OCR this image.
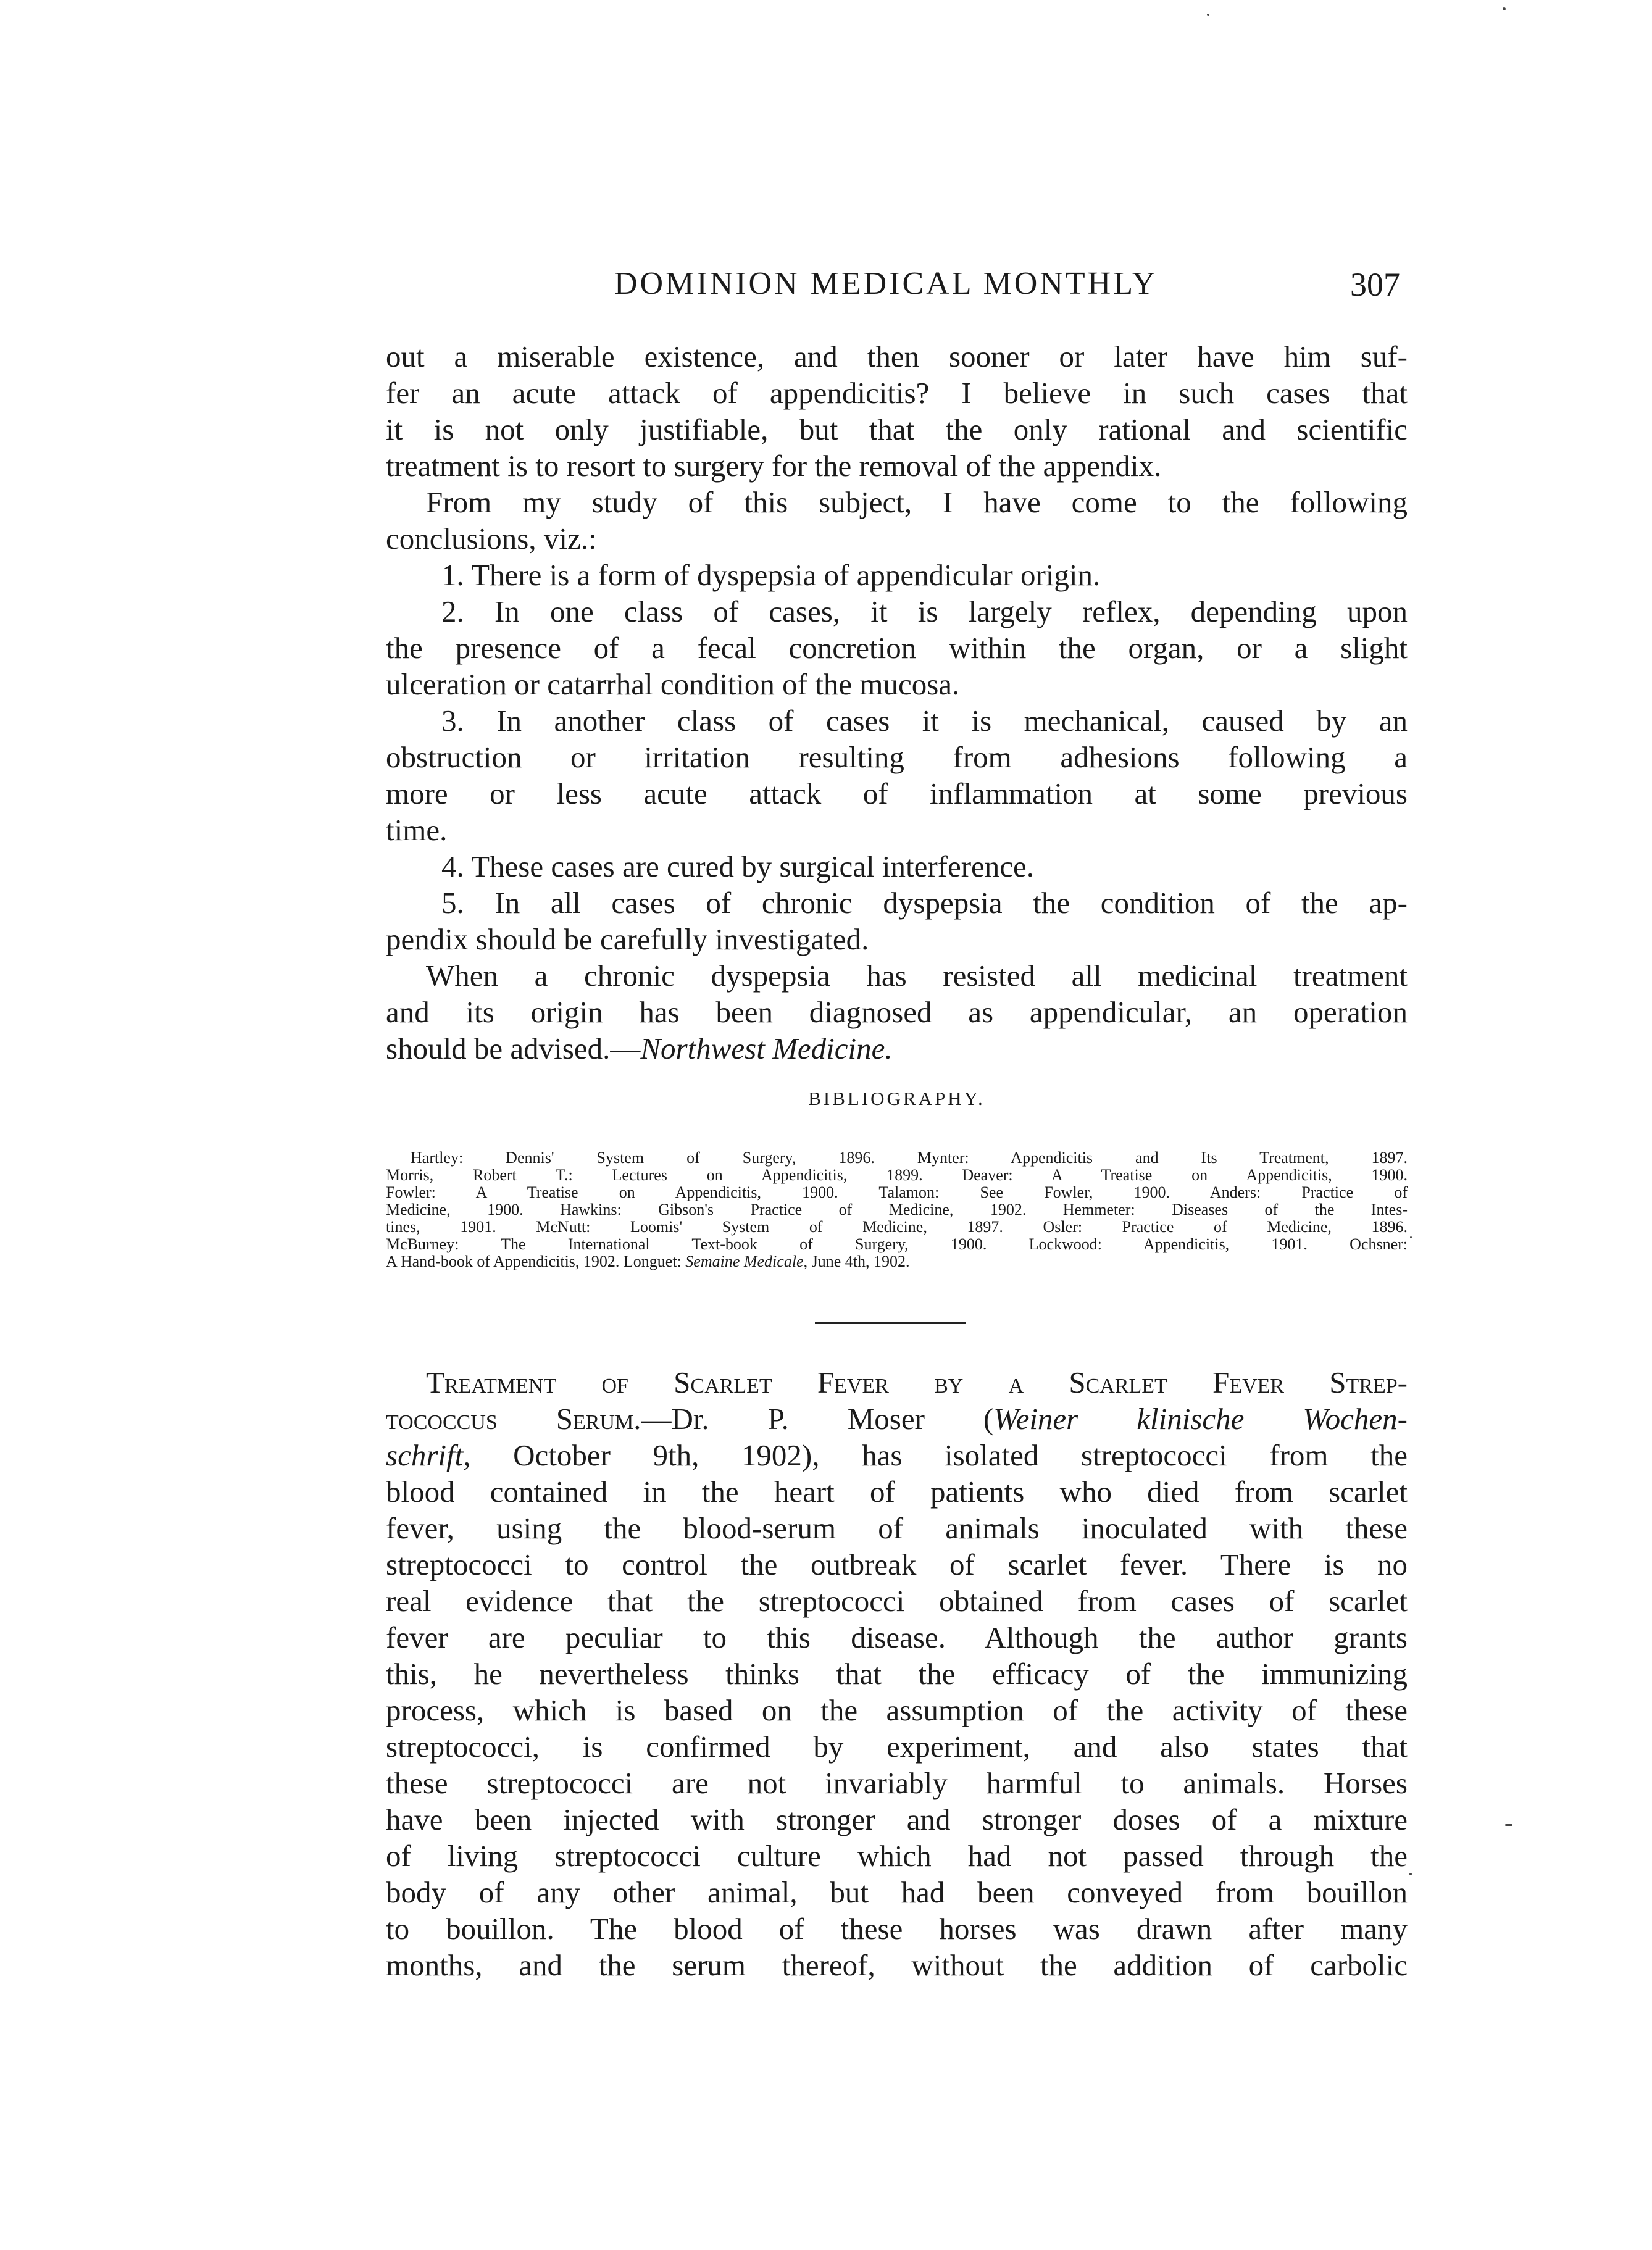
DOMINION MEDICAL MONTHLY	307
out a miserable existence, and then sooner or later have him suf-
fer an acute attack of appendicitis? I believe in such cases that
it is not only justifiable, but that the only rational and scientific
treatment is to resort to surgery for the removal of the appendix.
From my study of this subject, I have come to the following
conclusions, viz.:
1. There is a form of dyspepsia of appendicular origin.
2. In one class of cases, it is largely reflex, depending upon
the presence of a fecal concretion within the organ, or a slight
ulceration or catarrhal condition of the mucosa.
3. In another class of cases it is mechanical, caused by an
obstruction or irritation resulting from adhesions following a
more or less acute attack of inflammation at some previous
time.
4. These cases are cured by surgical interference.
5. In all cases of chronic dyspepsia the condition of the ap-
pendix should be carefully investigated.
When a chronic dyspepsia has resisted all medicinal treatment
and its origin has been diagnosed as appendicular, an operation
should be advised.—Northwest Medicine.
BIBLIOGRAPHY.
Hartley: Dennis' System of Surgery, 1896. Mynter: Appendicitis and Its Treatment, 1897.
Morris, Robert T.: Lectures on Appendicitis, 1899. Deaver: A Treatise on Appendicitis, 1900.
Fowler: A Treatise on Appendicitis, 1900. Talamon: See Fowler, 1900. Anders: Practice of
Medicine, 1900. Hawkins: Gibson's Practice of Medicine, 1902. Hemmeter: Diseases of the Intes-
tines, 1901. McNutt: Loomis' System of Medicine, 1897. Osler: Practice of Medicine, 1896.
McBurney: The International Text-book of Surgery, 1900. Lockwood: Appendicitis, 1901. Ochsner:
A Hand-book of Appendicitis, 1902. Longuet: Semaine Medicale, June 4th, 1902.
Treatment of Scarlet Fever by a Scarlet Fever Strep-
tococcus Serum.—Dr. P. Moser (Weiner klinische Wochen-
schrift, October 9th, 1902), has isolated streptococci from the
blood contained in the heart of patients who died from scarlet
fever, using the blood-serum of animals inoculated with these
streptococci to control the outbreak of scarlet fever. There is no
real evidence that the streptococci obtained from cases of scarlet
fever are peculiar to this disease. Although the author grants
this, he nevertheless thinks that the efficacy of the immunizing
process, which is based on the assumption of the activity of these
streptococci, is confirmed by experiment, and also states that
these streptococci are not invariably harmful to animals. Horses
have been injected with stronger and stronger doses of a mixture
of living streptococci culture which had not passed through the
body of any other animal, but had been conveyed from bouillon
to bouillon. The blood of these horses was drawn after many
months, and the serum thereof, without the addition of carbolic
